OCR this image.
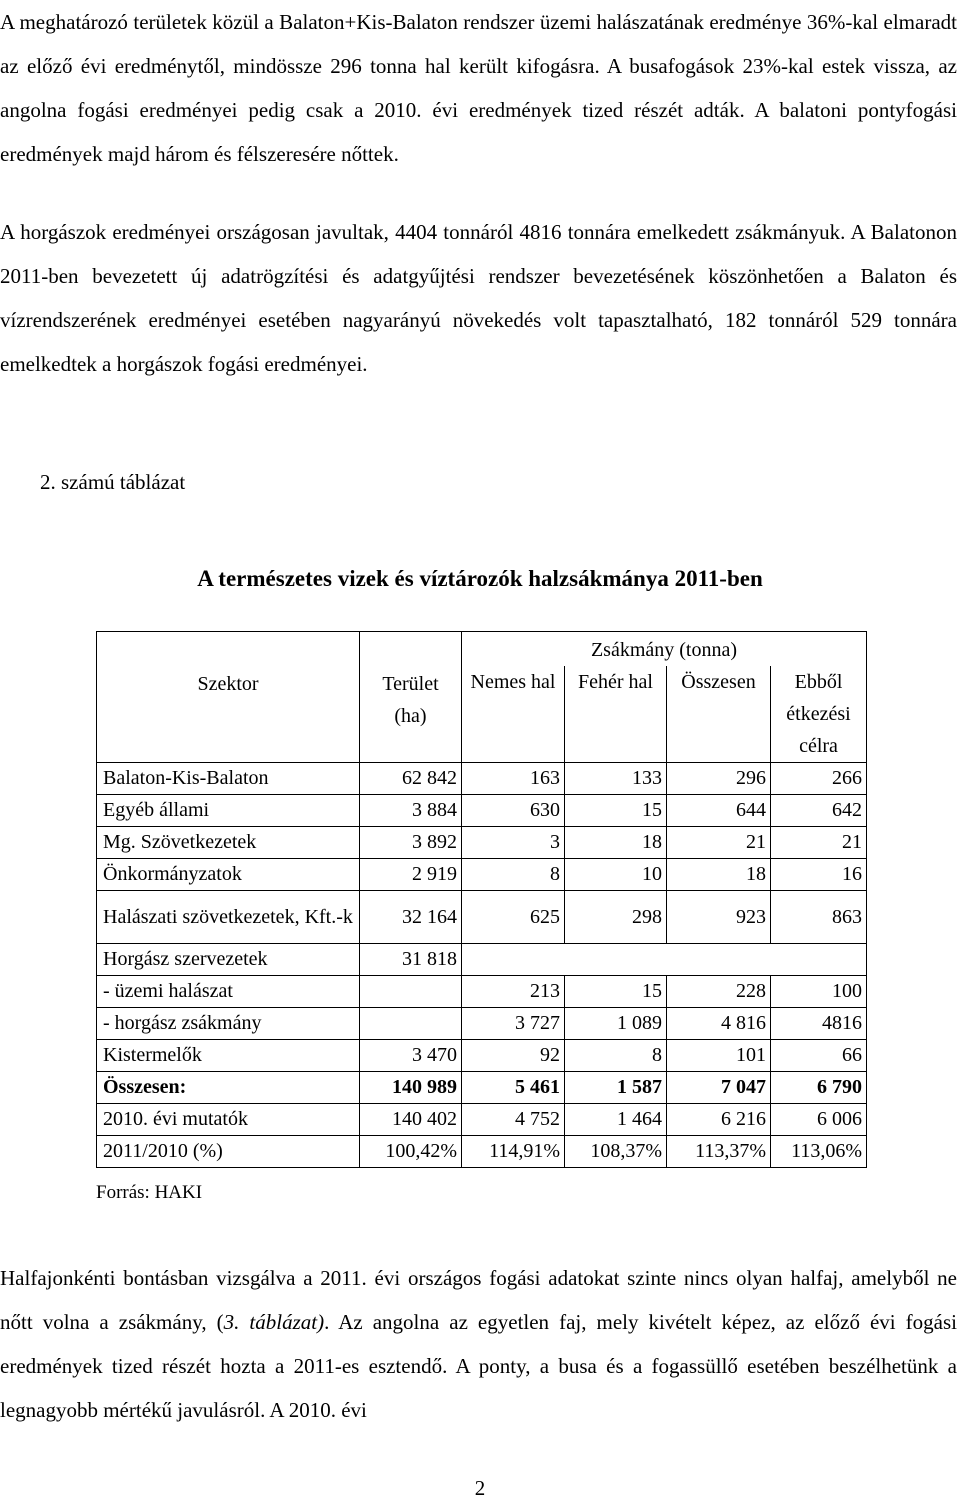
A meghatározó területek közül a Balaton+Kis-Balaton rendszer üzemi halászatának eredménye 36%-kal elmaradt az előző évi eredménytől, mindössze 296 tonna hal került kifogásra. A busafogások 23%-kal estek vissza, az angolna fogási eredményei pedig csak a 2010. évi eredmények tized részét adták. A balatoni pontyfogási eredmények majd három és félszeresére nőttek.

A horgászok eredményei országosan javultak, 4404 tonnáról 4816 tonnára emelkedett zsákmányuk. A Balatonon 2011-ben bevezetett új adatrögzítési és adatgyűjtési rendszer bevezetésének köszönhetően a Balaton és vízrendszerének eredményei esetében nagyarányú növekedés volt tapasztalható, 182 tonnáról 529 tonnára emelkedtek a horgászok fogási eredményei.

2. számú táblázat
A természetes vizek és víztározók halzsákmánya 2011-ben
Szektor	Terület (ha)	Zsákmány (tonna)			
		Nemes hal	Fehér hal	Összesen	Ebből étkezési célra
Balaton-Kis-Balaton	62 842	163	133	296	266
Egyéb állami	3 884	630	15	644	642
Mg. Szövetkezetek	3 892	3	18	21	21
Önkormányzatok	2 919	8	10	18	16
Halászati szövetkezetek, Kft.-k	32 164	625	298	923	863
Horgász szervezetek	31 818				
- üzemi halászat		213	15	228	100
- horgász zsákmány		3 727	1 089	4 816	4816
Kistermelők	3 470	92	8	101	66
Összesen:	140 989	5 461	1 587	7 047	6 790
2010. évi mutatók	140 402	4 752	1 464	6 216	6 006
2011/2010 (%)	100,42%	114,91%	108,37%	113,37%	113,06%
Forrás: HAKI

Halfajonkénti bontásban vizsgálva a 2011. évi országos fogási adatokat szinte nincs olyan halfaj, amelyből ne nőtt volna a zsákmány, (3. táblázat). Az angolna az egyetlen faj, mely kivételt képez, az előző évi fogási eredmények tized részét hozta a 2011-es esztendő. A ponty, a busa és a fogassüllő esetében beszélhetünk a legnagyobb mértékű javulásról. A 2010. évi

2
